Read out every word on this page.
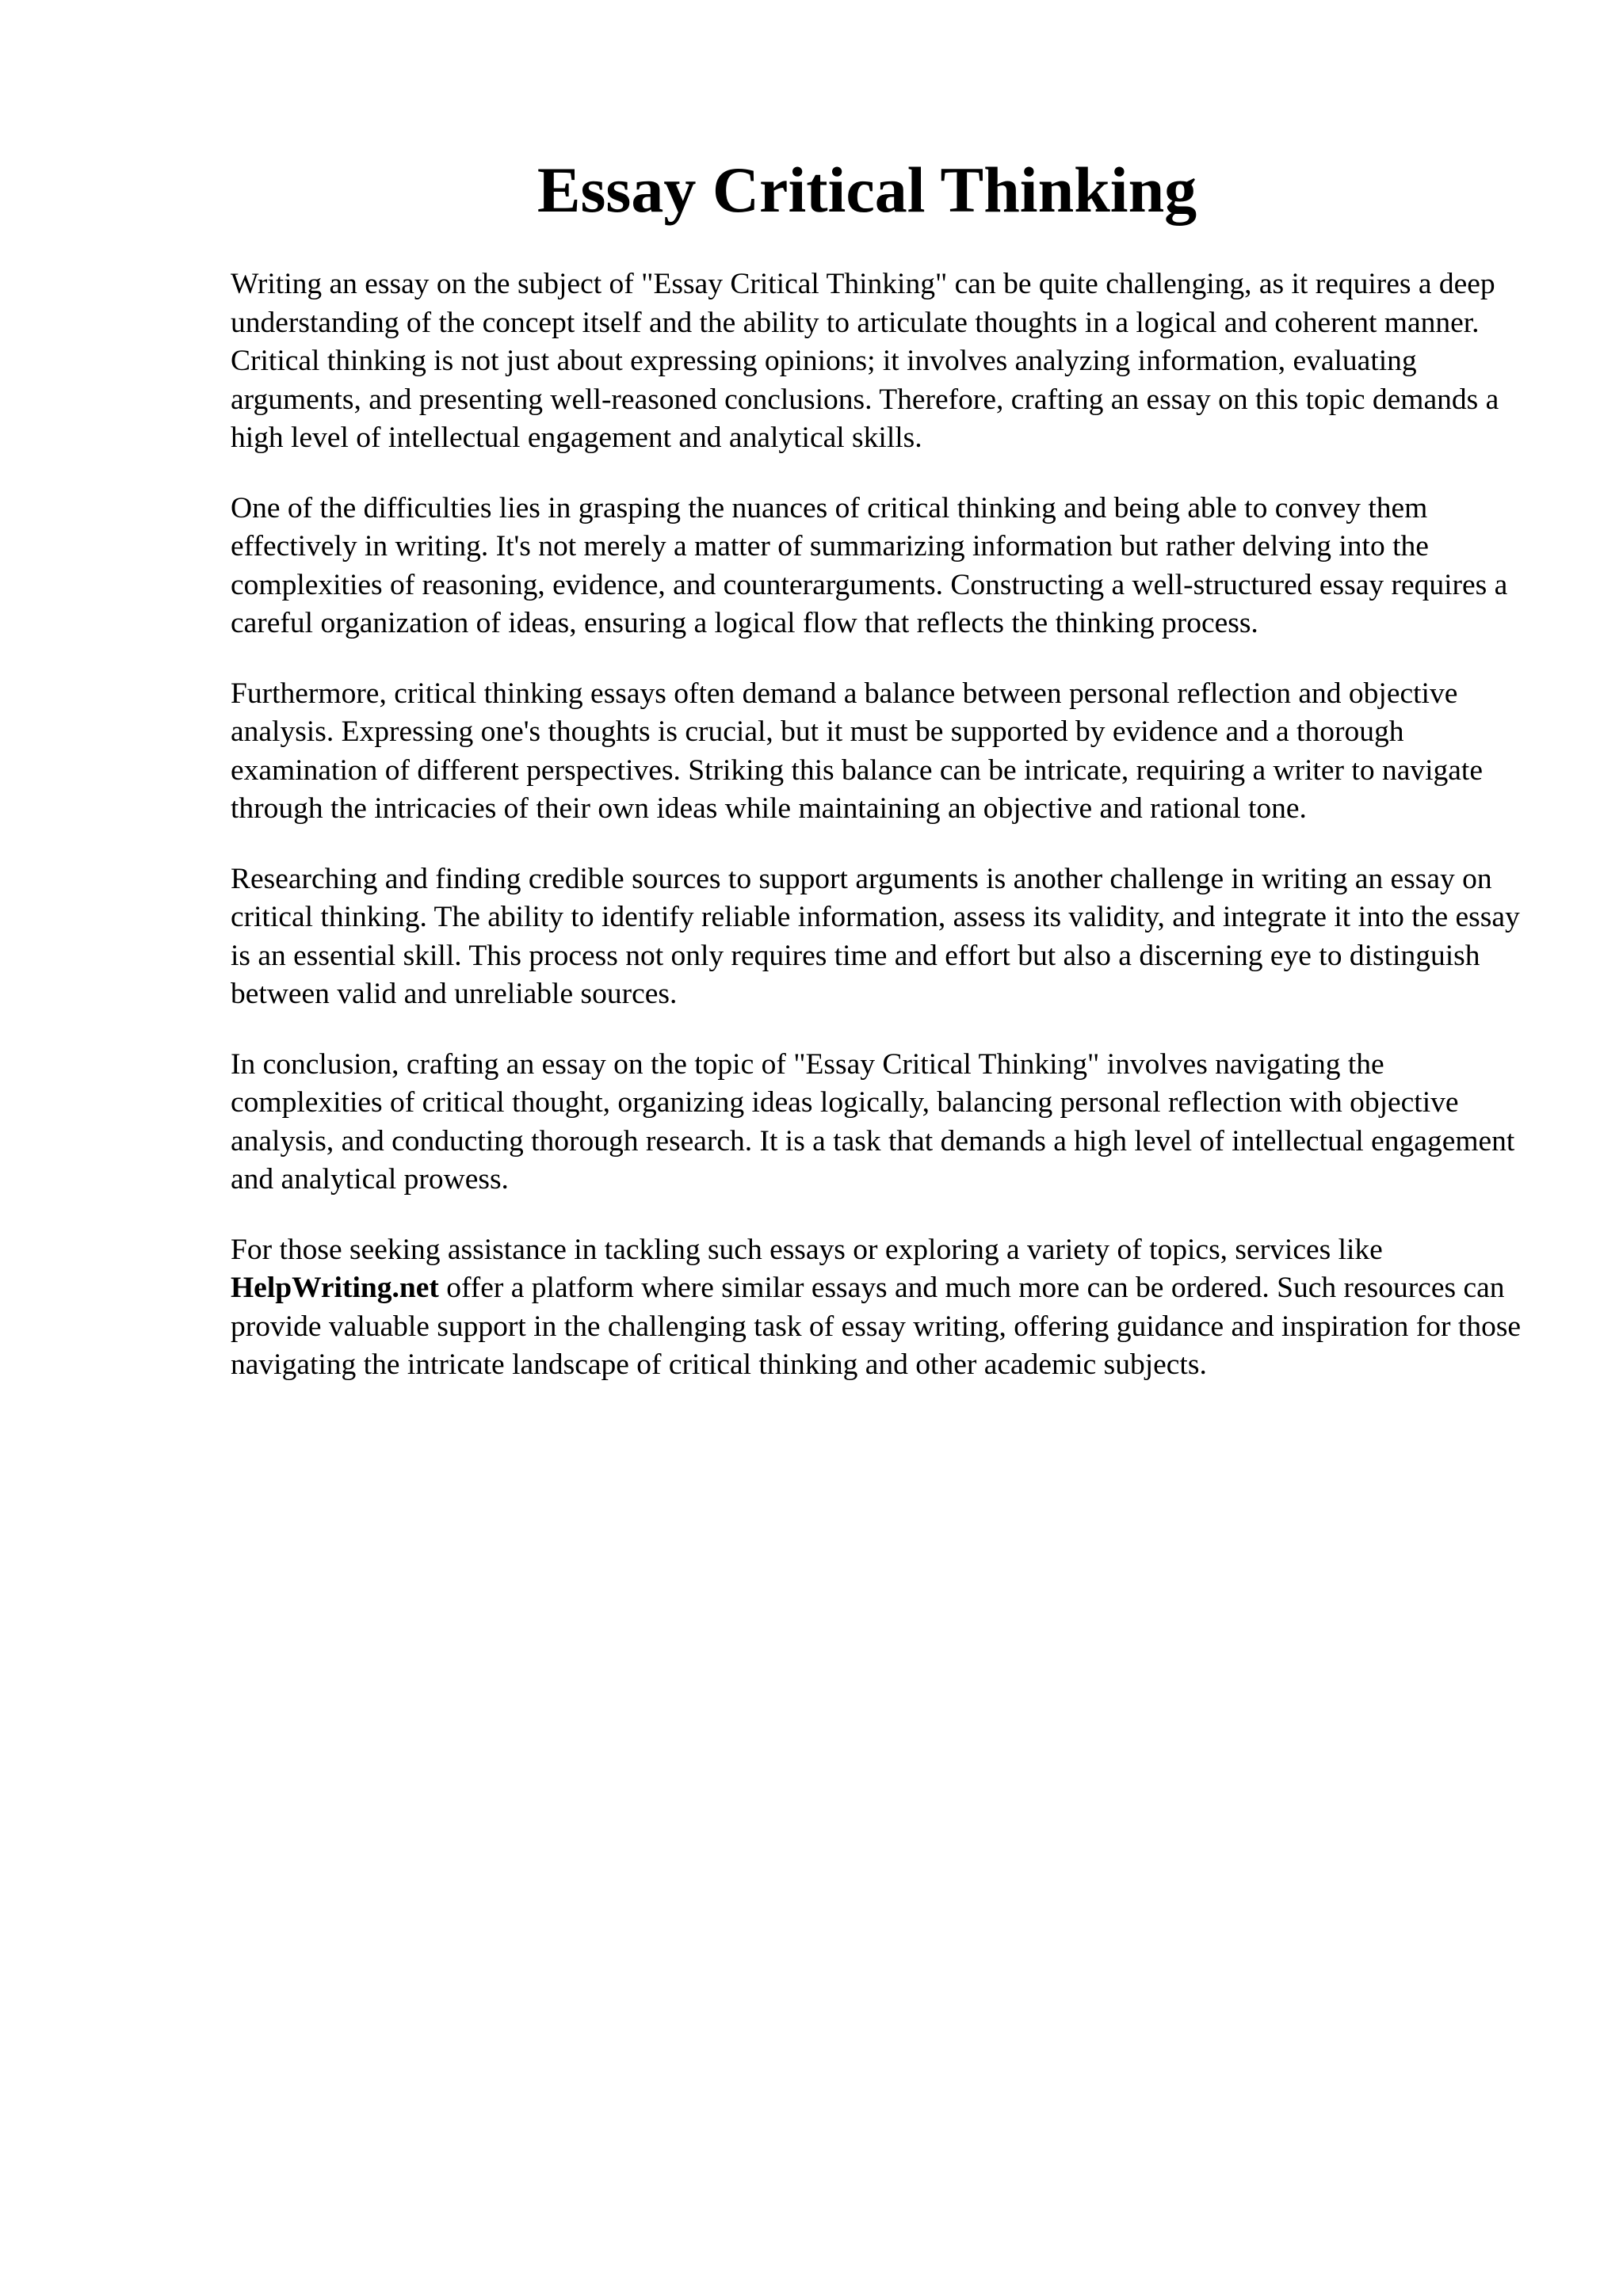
Essay Critical Thinking

Writing an essay on the subject of "Essay Critical Thinking" can be quite challenging, as it requires a deep understanding of the concept itself and the ability to articulate thoughts in a logical and coherent manner. Critical thinking is not just about expressing opinions; it involves analyzing information, evaluating arguments, and presenting well-reasoned conclusions. Therefore, crafting an essay on this topic demands a high level of intellectual engagement and analytical skills.

One of the difficulties lies in grasping the nuances of critical thinking and being able to convey them effectively in writing. It's not merely a matter of summarizing information but rather delving into the complexities of reasoning, evidence, and counterarguments. Constructing a well-structured essay requires a careful organization of ideas, ensuring a logical flow that reflects the thinking process.

Furthermore, critical thinking essays often demand a balance between personal reflection and objective analysis. Expressing one's thoughts is crucial, but it must be supported by evidence and a thorough examination of different perspectives. Striking this balance can be intricate, requiring a writer to navigate through the intricacies of their own ideas while maintaining an objective and rational tone.

Researching and finding credible sources to support arguments is another challenge in writing an essay on critical thinking. The ability to identify reliable information, assess its validity, and integrate it into the essay is an essential skill. This process not only requires time and effort but also a discerning eye to distinguish between valid and unreliable sources.

In conclusion, crafting an essay on the topic of "Essay Critical Thinking" involves navigating the complexities of critical thought, organizing ideas logically, balancing personal reflection with objective analysis, and conducting thorough research. It is a task that demands a high level of intellectual engagement and analytical prowess.

For those seeking assistance in tackling such essays or exploring a variety of topics, services like HelpWriting.net offer a platform where similar essays and much more can be ordered. Such resources can provide valuable support in the challenging task of essay writing, offering guidance and inspiration for those navigating the intricate landscape of critical thinking and other academic subjects.
